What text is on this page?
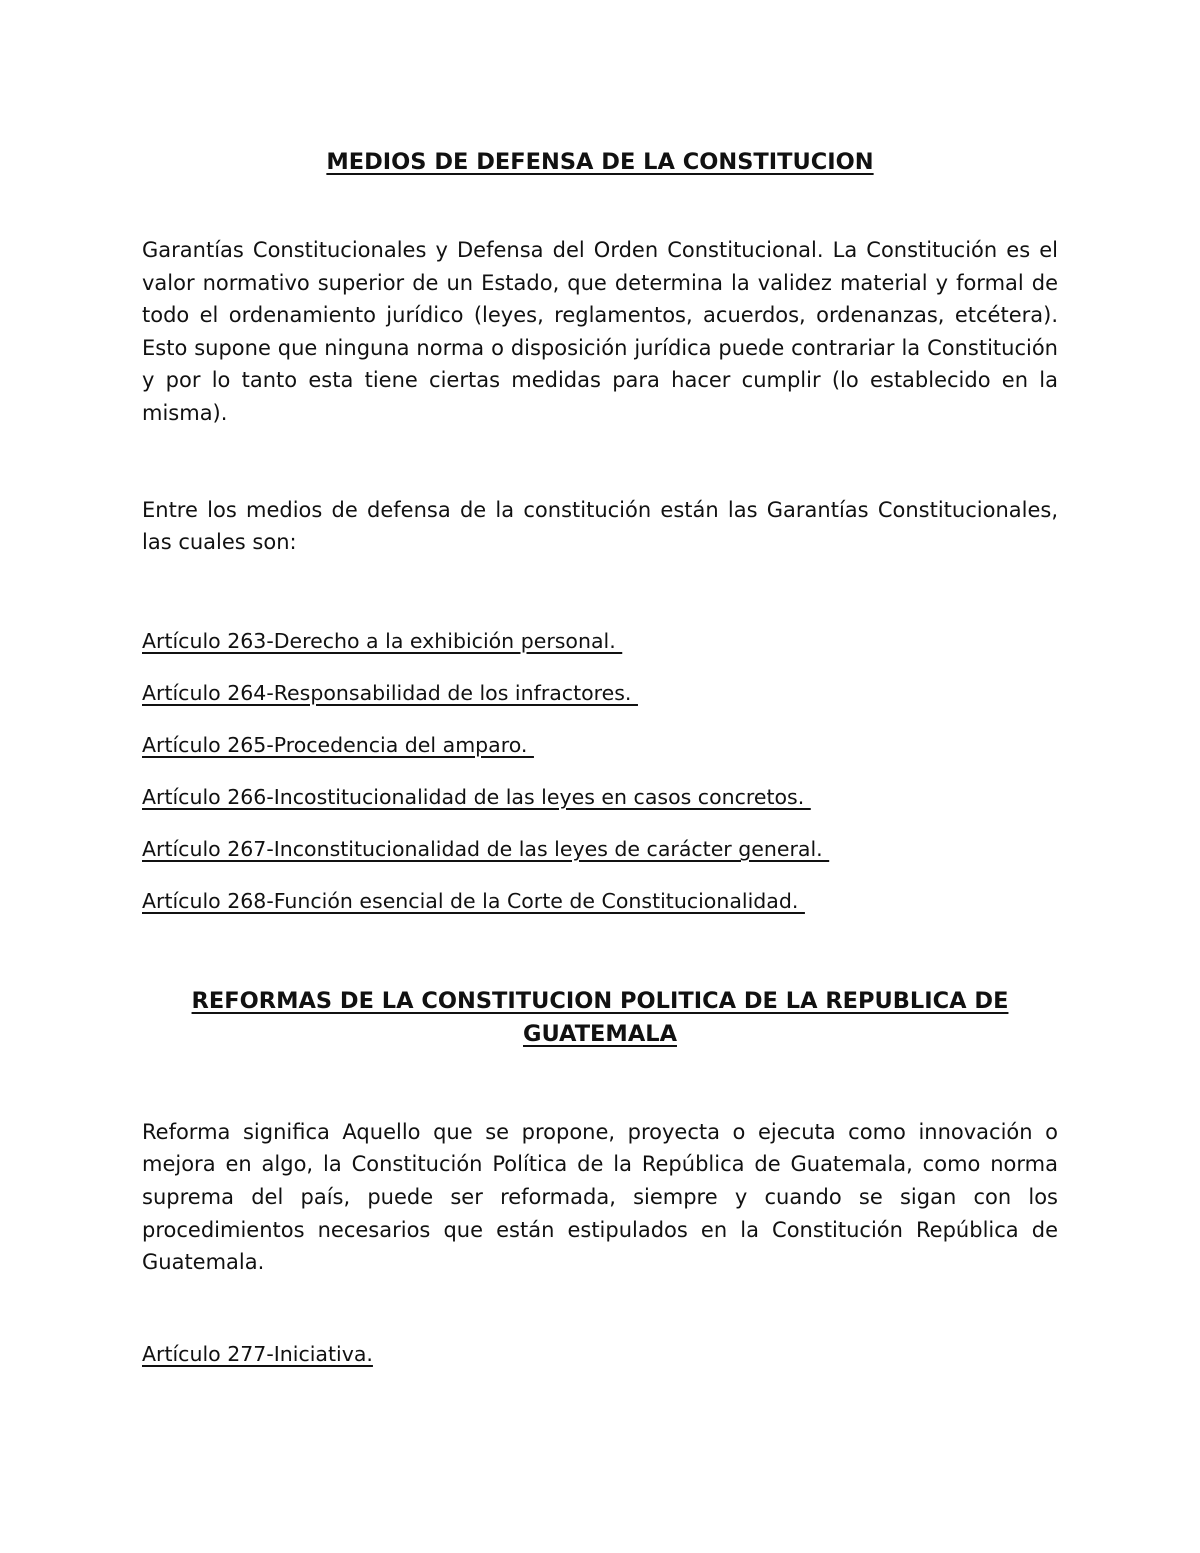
MEDIOS DE DEFENSA DE LA CONSTITUCION

Garantías Constitucionales y Defensa del Orden Constitucional. La Constitución es el valor normativo superior de un Estado, que determina la validez material y formal de todo el ordenamiento jurídico (leyes, reglamentos, acuerdos, ordenanzas, etcétera). Esto supone que ninguna norma o disposición jurídica puede contrariar la Constitución y por lo tanto esta tiene ciertas medidas para hacer cumplir (lo establecido en la misma).

Entre los medios de defensa de la constitución están las Garantías Constitucionales, las cuales son:

Artículo 263-Derecho a la exhibición personal.
Artículo 264-Responsabilidad de los infractores.
Artículo 265-Procedencia del amparo.
Artículo 266-Incostitucionalidad de las leyes en casos concretos.
Artículo 267-Inconstitucionalidad de las leyes de carácter general.
Artículo 268-Función esencial de la Corte de Constitucionalidad.
REFORMAS DE LA CONSTITUCION POLITICA DE LA REPUBLICA DE GUATEMALA

Reforma significa Aquello que se propone, proyecta o ejecuta como innovación o mejora en algo, la Constitución Política de la República de Guatemala, como norma suprema del país, puede ser reformada, siempre y cuando se sigan con los procedimientos necesarios que están estipulados en la Constitución República de Guatemala.

Artículo 277-Iniciativa.
